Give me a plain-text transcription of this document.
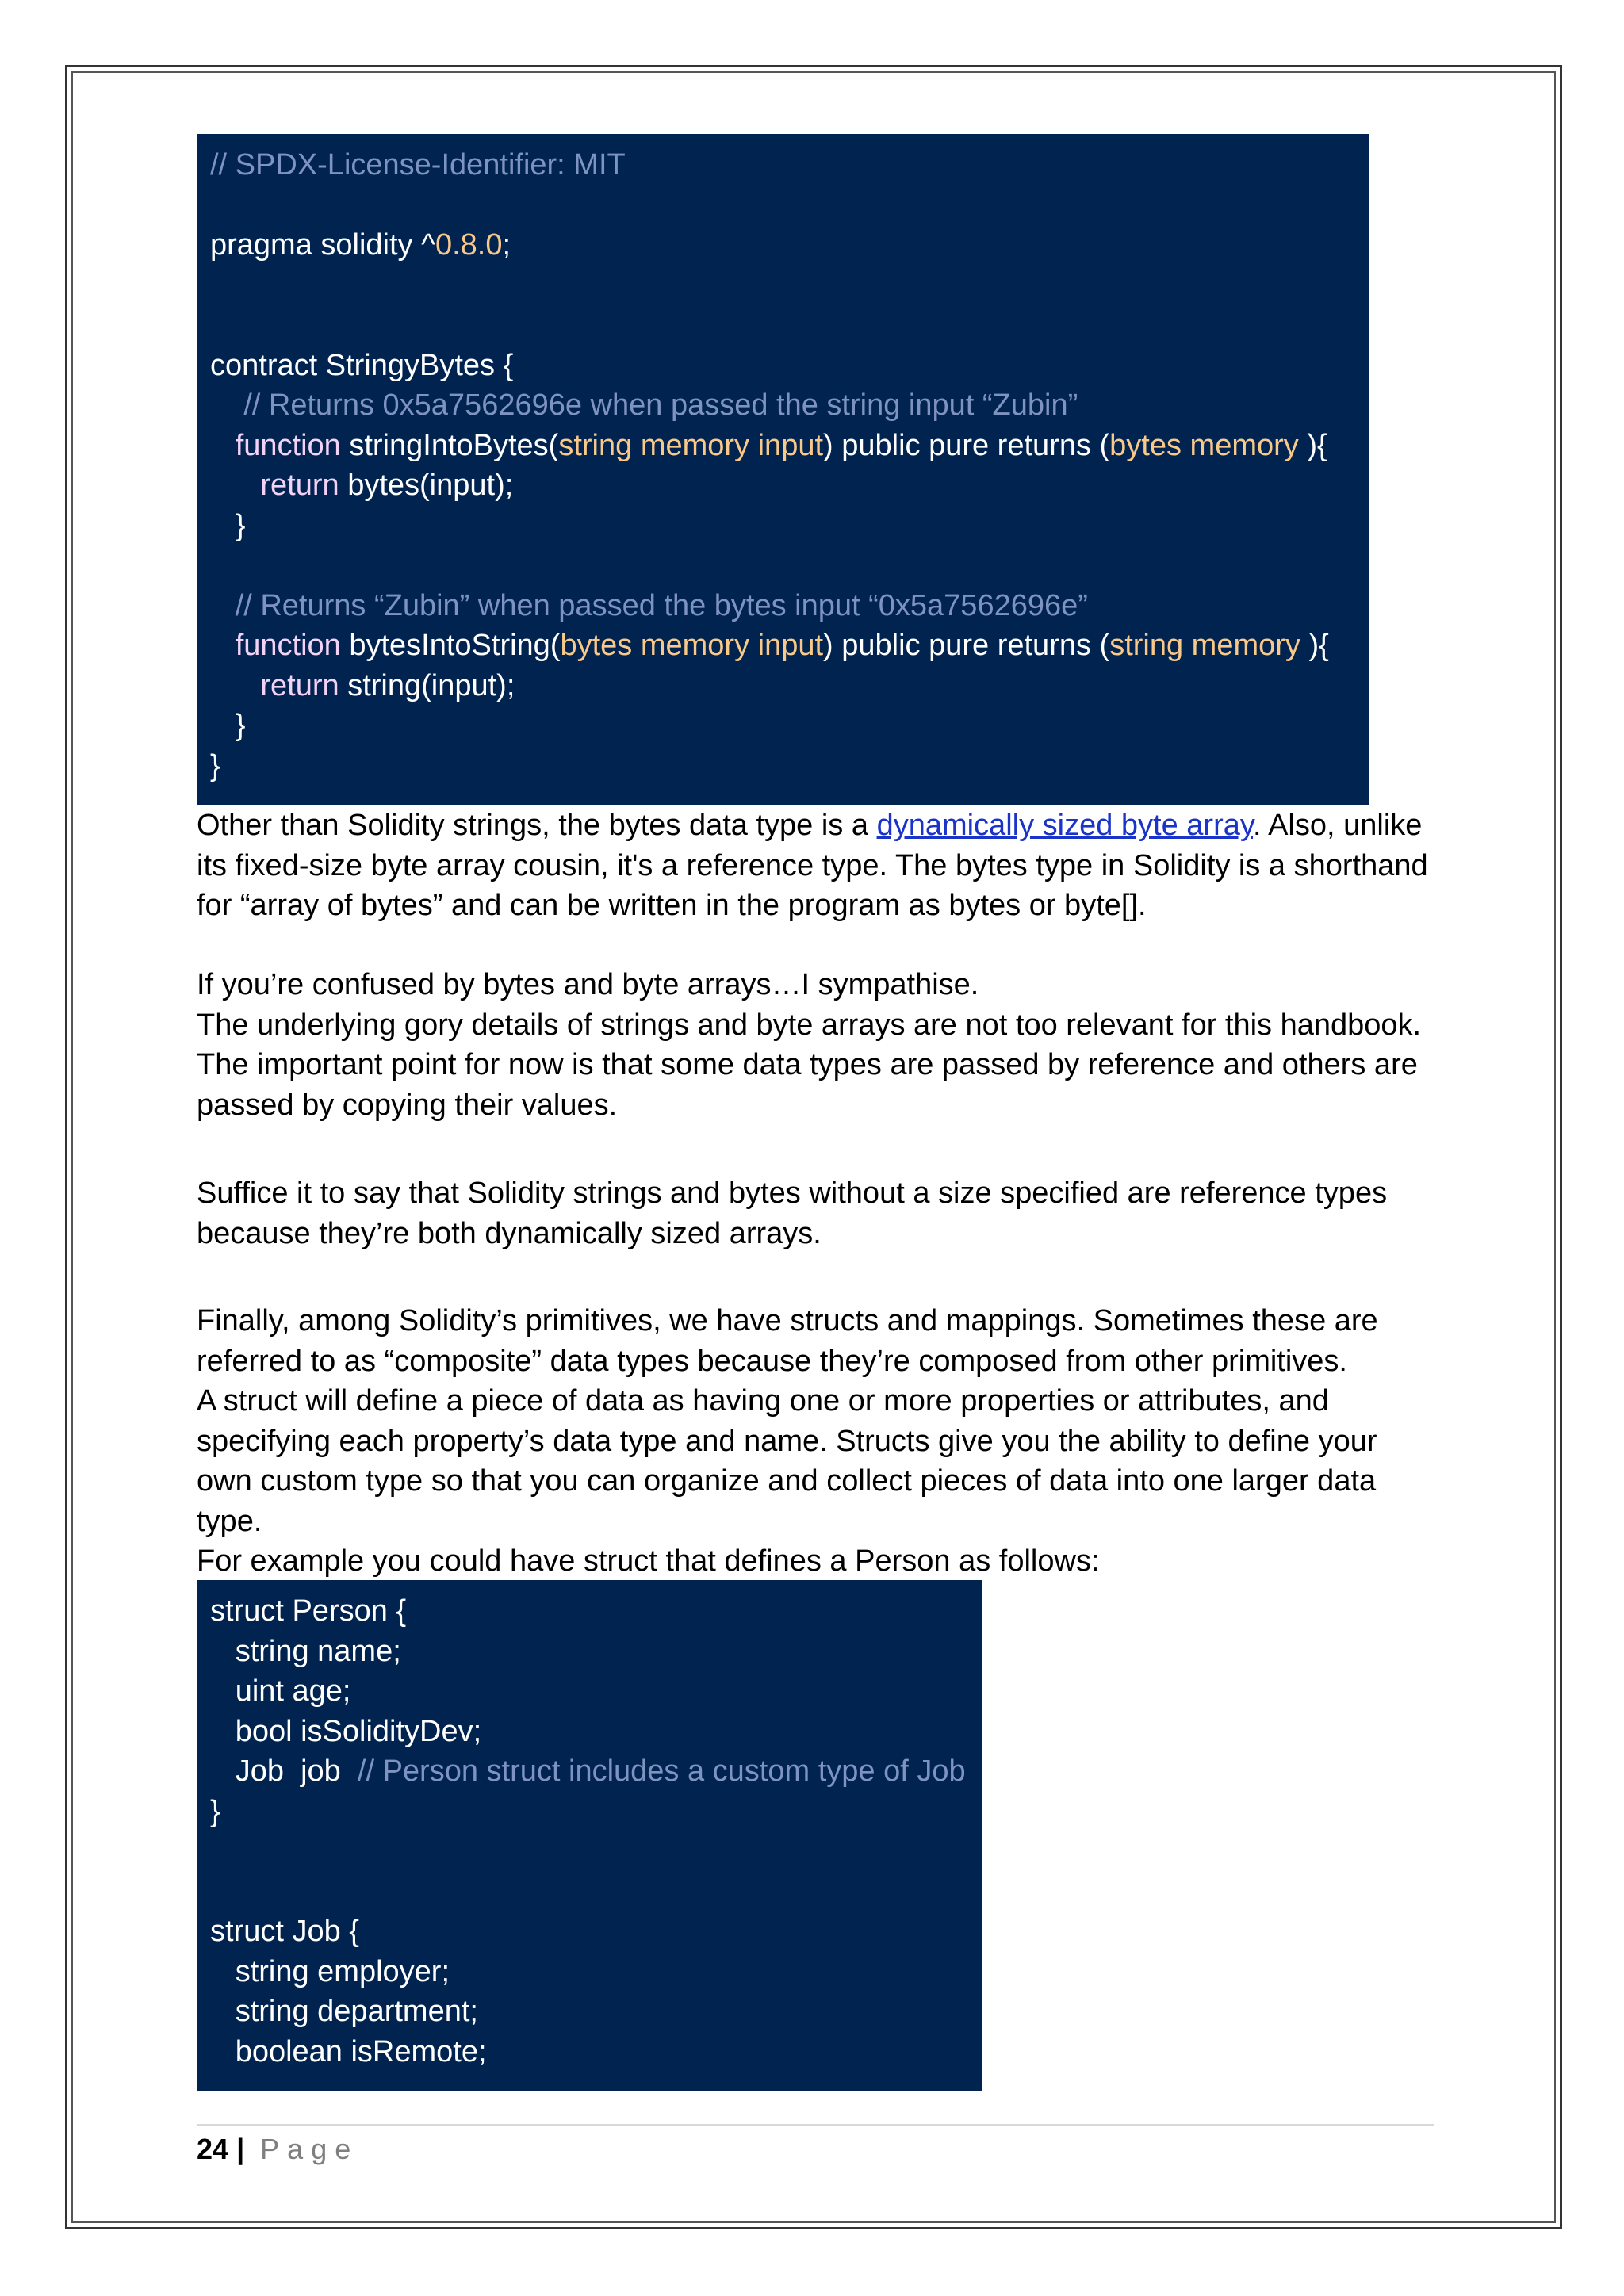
// SPDX-License-Identifier: MIT
pragma solidity ^0.8.0;
contract StringyBytes {
// Returns 0x5a7562696e when passed the string input “Zubin”
function stringIntoBytes(string memory input) public pure returns (bytes memory ){
return bytes(input);
}
// Returns “Zubin” when passed the bytes input “0x5a7562696e”
function bytesIntoString(bytes memory input) public pure returns (string memory ){
return string(input);
}
}
Other than Solidity strings, the bytes data type is a dynamically sized byte array. Also, unlike
its fixed-size byte array cousin, it's a reference type. The bytes type in Solidity is a shorthand
for “array of bytes” and can be written in the program as bytes or byte[].
If you’re confused by bytes and byte arrays…I sympathise.
The underlying gory details of strings and byte arrays are not too relevant for this handbook.
The important point for now is that some data types are passed by reference and others are
passed by copying their values.
Suffice it to say that Solidity strings and bytes without a size specified are reference types
because they’re both dynamically sized arrays.
Finally, among Solidity’s primitives, we have structs and mappings. Sometimes these are
referred to as “composite” data types because they’re composed from other primitives.
A struct will define a piece of data as having one or more properties or attributes, and
specifying each property’s data type and name. Structs give you the ability to define your
own custom type so that you can organize and collect pieces of data into one larger data
type.
For example you could have struct that defines a Person as follows:
struct Person {
string name;
uint age;
bool isSolidityDev;
Job  job  // Person struct includes a custom type of Job
}
struct Job {
string employer;
string department;
boolean isRemote;
24 | Page
